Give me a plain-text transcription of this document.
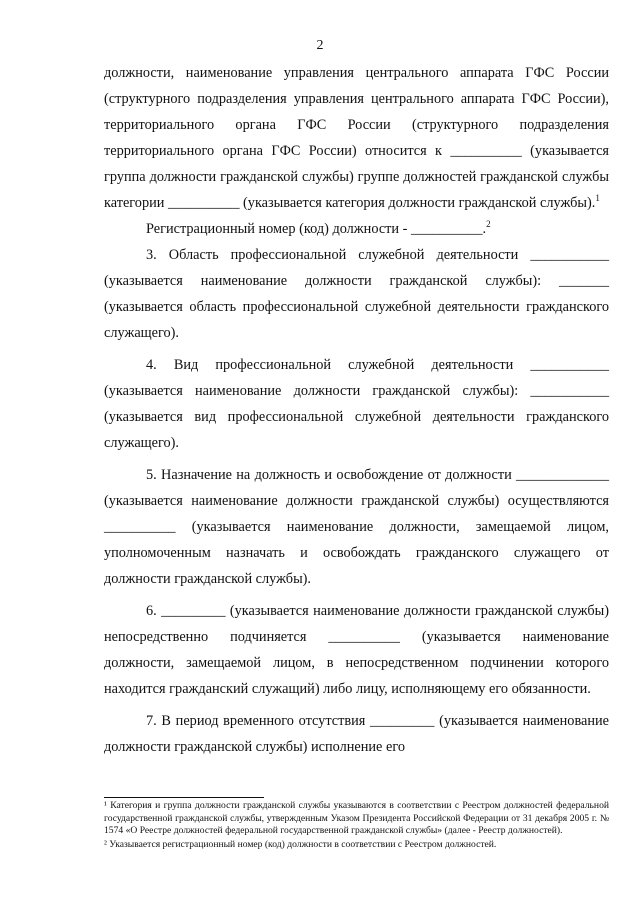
2

должности, наименование управления центрального аппарата ГФС России (структурного подразделения управления центрального аппарата ГФС России), территориального органа ГФС России (структурного подразделения территориального органа ГФС России) относится к __________ (указывается группа должности гражданской службы) группе должностей гражданской службы категории __________ (указывается категория должности гражданской службы).$^1$

Регистрационный номер (код) должности - __________.$^2$

3. Область профессиональной служебной деятельности ___________ (указывается наименование должности гражданской службы): _______ (указывается область профессиональной служебной деятельности гражданского служащего).

4. Вид профессиональной служебной деятельности ___________ (указывается наименование должности гражданской службы): ___________ (указывается вид профессиональной служебной деятельности гражданского служащего).

5. Назначение на должность и освобождение от должности _____________ (указывается наименование должности гражданской службы) осуществляются __________ (указывается наименование должности, замещаемой лицом, уполномоченным назначать и освобождать гражданского служащего от должности гражданской службы).

6. _________ (указывается наименование должности гражданской службы) непосредственно подчиняется __________ (указывается наименование должности, замещаемой лицом, в непосредственном подчинении которого находится гражданский служащий) либо лицу, исполняющему его обязанности.

7. В период временного отсутствия _________ (указывается наименование должности гражданской службы) исполнение его

¹ Категория и группа должности гражданской службы указываются в соответствии с Реестром должностей федеральной государственной гражданской службы, утвержденным Указом Президента Российской Федерации от 31 декабря 2005 г. № 1574 «О Реестре должностей федеральной государственной гражданской службы» (далее - Реестр должностей).

² Указывается регистрационный номер (код) должности в соответствии с Реестром должностей.
